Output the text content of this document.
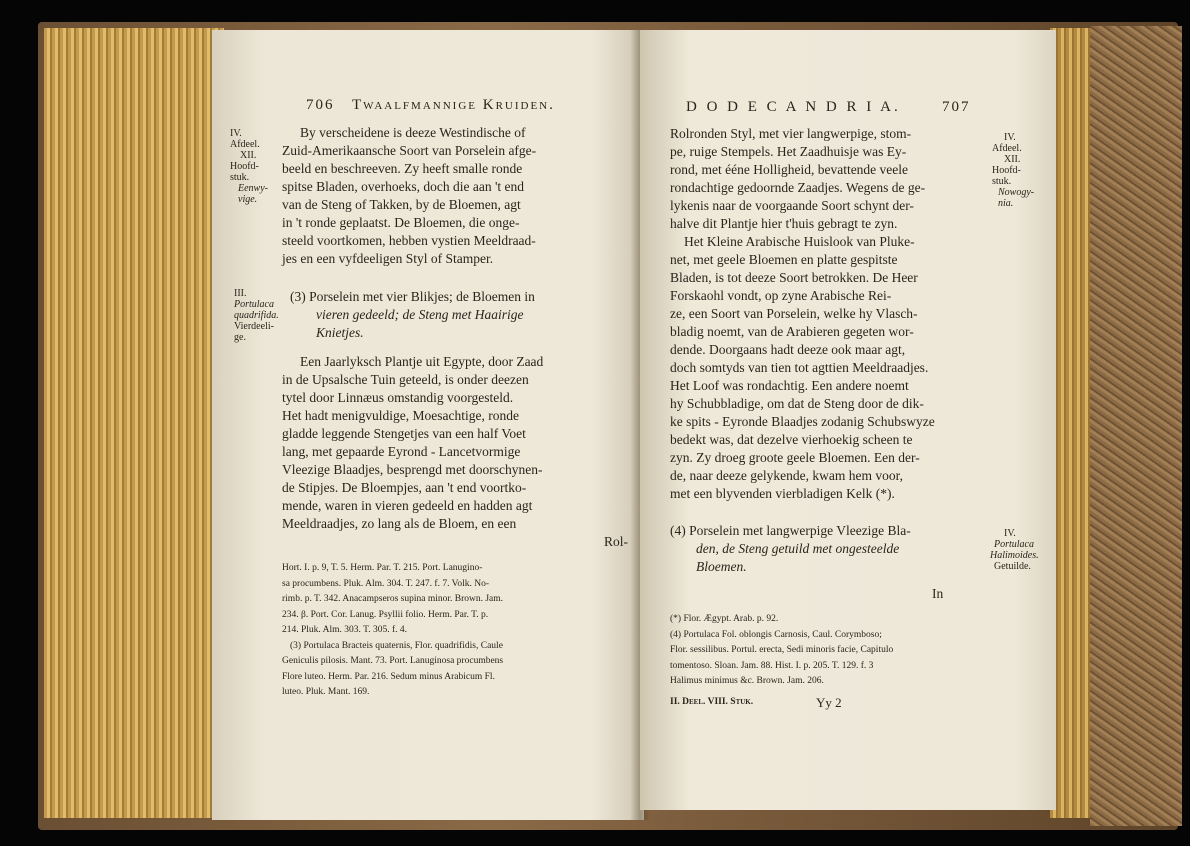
706 Twaalfmannige Kruiden.
IV.
Afdeel.
XII.
Hoofd-
stuk.
Eenwy-
vige.
By verscheidene is deeze Westindische of
Zuid-Amerikaansche Soort van Porselein afge-
beeld en beschreeven. Zy heeft smalle ronde
spitse Bladen, overhoeks, doch die aan 't end
van de Steng of Takken, by de Bloemen, agt
in 't ronde geplaatst. De Bloemen, die onge-
steeld voortkomen, hebben vystien Meeldraad-
jes en een vyfdeeligen Styl of Stamper.
III.
Portulaca
quadrifida.
Vierdeeli-
ge.
(3) Porselein met vier Blikjes; de Bloemen in
vieren gedeeld; de Steng met Haairige
Knietjes.
Een Jaarlyksch Plantje uit Egypte, door Zaad
in de Upsalsche Tuin geteeld, is onder deezen
tytel door Linnæus omstandig voorgesteld.
Het hadt menigvuldige, Moesachtige, ronde
gladde leggende Stengetjes van een half Voet
lang, met gepaarde Eyrond - Lancetvormige
Vleezige Blaadjes, besprengd met doorschynen-
de Stipjes. De Bloempjes, aan 't end voortko-
mende, waren in vieren gedeeld en hadden agt
Meeldraadjes, zo lang als de Bloem, en een
Rol-
Hort. I. p. 9, T. 5. Herm. Par. T. 215. Port. Lanugino-
sa procumbens. Pluk. Alm. 304. T. 247. f. 7. Volk. No-
rimb. p. T. 342. Anacampseros supina minor. Brown. Jam.
234. β. Port. Cor. Lanug. Psyllii folio. Herm. Par. T. p.
214. Pluk. Alm. 303. T. 305. f. 4.
(3) Portulaca Bracteis quaternis, Flor. quadrifidis, Caule
Geniculis pilosis. Mant. 73. Port. Lanuginosa procumbens
Flore luteo. Herm. Par. 216. Sedum minus Arabicum Fl.
luteo. Pluk. Mant. 169.
D O D E C A N D R I A.	707
Rolronden Styl, met vier langwerpige, stom-
pe, ruige Stempels. Het Zaadhuisje was Ey-
rond, met ééne Holligheid, bevattende veele
rondachtige gedoornde Zaadjes. Wegens de ge-
lykenis naar de voorgaande Soort schynt der-
halve dit Plantje hier t'huis gebragt te zyn.
IV.
Afdeel.
XII.
Hoofd-
stuk.
Nowogy-
nia.
Het Kleine Arabische Huislook van Pluke-
net, met geele Bloemen en platte gespitste
Bladen, is tot deeze Soort betrokken. De Heer
Forskaohl vondt, op zyne Arabische Rei-
ze, een Soort van Porselein, welke hy Vlasch-
bladig noemt, van de Arabieren gegeten wor-
dende. Doorgaans hadt deeze ook maar agt,
doch somtyds van tien tot agttien Meeldraadjes.
Het Loof was rondachtig. Een andere noemt
hy Schubbladige, om dat de Steng door de dik-
ke spits - Eyronde Blaadjes zodanig Schubswyze
bedekt was, dat dezelve vierhoekig scheen te
zyn. Zy droeg groote geele Bloemen. Een der-
de, naar deeze gelykende, kwam hem voor,
met een blyvenden vierbladigen Kelk (*).
(4) Porselein met langwerpige Vleezige Bla-
den, de Steng getuild met ongesteelde
Bloemen.
IV.
Portulaca
Halimoides.
Getuilde.
In
(*) Flor. Ægypt. Arab. p. 92.
(4) Portulaca Fol. oblongis Carnosis, Caul. Corymboso;
Flor. sessilibus. Portul. erecta, Sedi minoris facie, Capitulo
tomentoso. Sloan. Jam. 88. Hist. I. p. 205. T. 129. f. 3
Halimus minimus &c. Brown. Jam. 206.
Yy 2
II. Deel. VIII. Stuk.
